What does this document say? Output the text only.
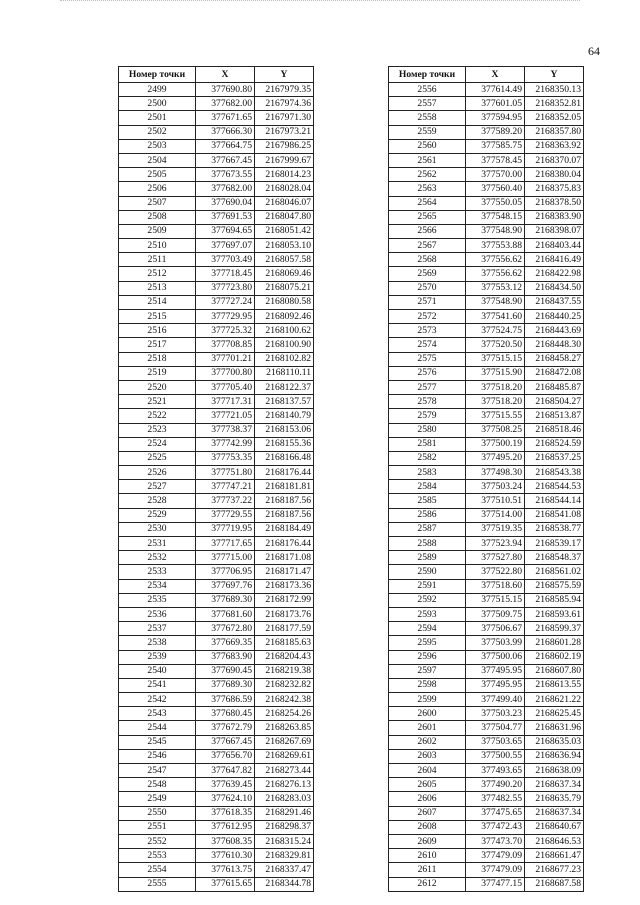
64
Номер точки	X	Y
2499	377690.80	2167979.35
2500	377682.00	2167974.36
2501	377671.65	2167971.30
2502	377666.30	2167973.21
2503	377664.75	2167986.25
2504	377667.45	2167999.67
2505	377673.55	2168014.23
2506	377682.00	2168028.04
2507	377690.04	2168046.07
2508	377691.53	2168047.80
2509	377694.65	2168051.42
2510	377697.07	2168053.10
2511	377703.49	2168057.58
2512	377718.45	2168069.46
2513	377723.80	2168075.21
2514	377727.24	2168080.58
2515	377729.95	2168092.46
2516	377725.32	2168100.62
2517	377708.85	2168100.90
2518	377701.21	2168102.82
2519	377700.80	2168110.11
2520	377705.40	2168122.37
2521	377717.31	2168137.57
2522	377721.05	2168140.79
2523	377738.37	2168153.06
2524	377742.99	2168155.36
2525	377753.35	2168166.48
2526	377751.80	2168176.44
2527	377747.21	2168181.81
2528	377737.22	2168187.56
2529	377729.55	2168187.56
2530	377719.95	2168184.49
2531	377717.65	2168176.44
2532	377715.00	2168171.08
2533	377706.95	2168171.47
2534	377697.76	2168173.36
2535	377689.30	2168172.99
2536	377681.60	2168173.76
2537	377672.80	2168177.59
2538	377669.35	2168185.63
2539	377683.90	2168204.43
2540	377690.45	2168219.38
2541	377689.30	2168232.82
2542	377686.59	2168242.38
2543	377680.45	2168254.26
2544	377672.79	2168263.85
2545	377667.45	2168267.69
2546	377656.70	2168269.61
2547	377647.82	2168273.44
2548	377639.45	2168276.13
2549	377624.10	2168283.03
2550	377618.35	2168291.46
2551	377612.95	2168298.37
2552	377608.35	2168315.24
2553	377610.30	2168329.81
2554	377613.75	2168337.47
2555	377615.65	2168344.78
Номер точки	X	Y
2556	377614.49	2168350.13
2557	377601.05	2168352.81
2558	377594.95	2168352.05
2559	377589.20	2168357.80
2560	377585.75	2168363.92
2561	377578.45	2168370.07
2562	377570.00	2168380.04
2563	377560.40	2168375.83
2564	377550.05	2168378.50
2565	377548.15	2168383.90
2566	377548.90	2168398.07
2567	377553.88	2168403.44
2568	377556.62	2168416.49
2569	377556.62	2168422.98
2570	377553.12	2168434.50
2571	377548.90	2168437.55
2572	377541.60	2168440.25
2573	377524.75	2168443.69
2574	377520.50	2168448.30
2575	377515.15	2168458.27
2576	377515.90	2168472.08
2577	377518.20	2168485.87
2578	377518.20	2168504.27
2579	377515.55	2168513.87
2580	377508.25	2168518.46
2581	377500.19	2168524.59
2582	377495.20	2168537.25
2583	377498.30	2168543.38
2584	377503.24	2168544.53
2585	377510.51	2168544.14
2586	377514.00	2168541.08
2587	377519.35	2168538.77
2588	377523.94	2168539.17
2589	377527.80	2168548.37
2590	377522.80	2168561.02
2591	377518.60	2168575.59
2592	377515.15	2168585.94
2593	377509.75	2168593.61
2594	377506.67	2168599.37
2595	377503.99	2168601.28
2596	377500.06	2168602.19
2597	377495.95	2168607.80
2598	377495.95	2168613.55
2599	377499.40	2168621.22
2600	377503.23	2168625.45
2601	377504.77	2168631.96
2602	377503.65	2168635.03
2603	377500.55	2168636.94
2604	377493.65	2168638.09
2605	377490.20	2168637.34
2606	377482.55	2168635.79
2607	377475.65	2168637.34
2608	377472.43	2168640.67
2609	377473.70	2168646.53
2610	377479.09	2168661.47
2611	377479.09	2168677.23
2612	377477.15	2168687.58
